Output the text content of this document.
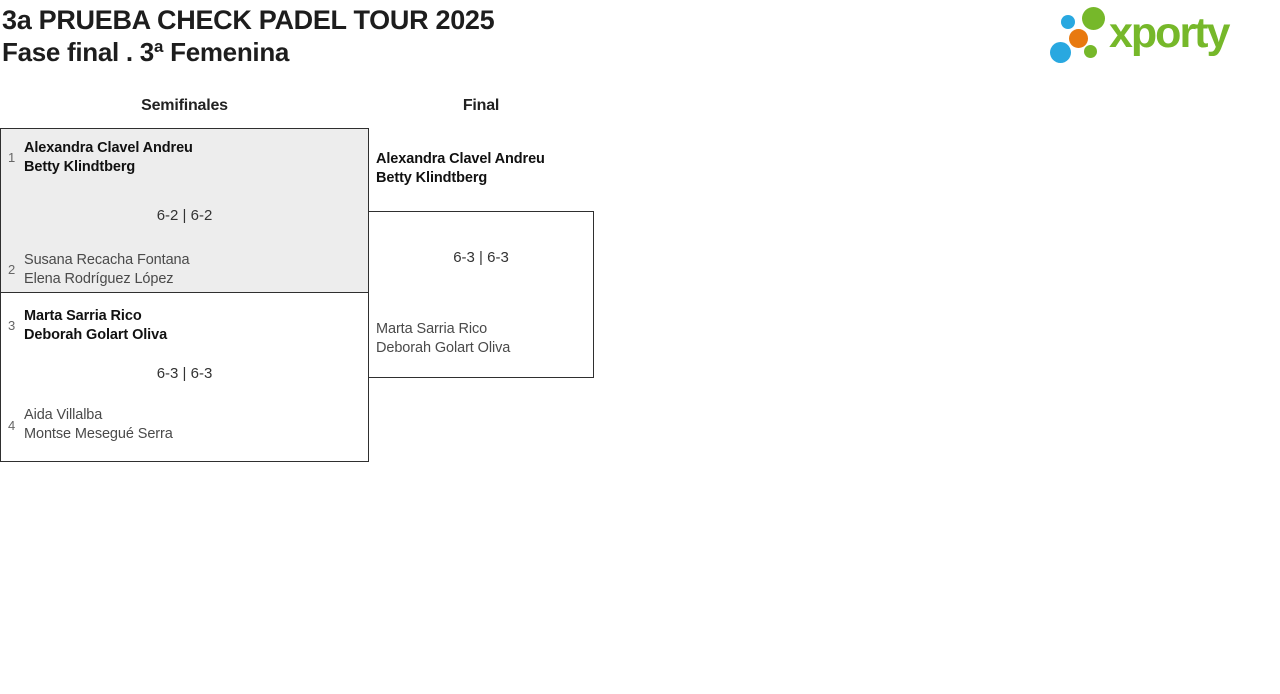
3a PRUEBA CHECK PADEL TOUR 2025
Fase final . 3ª Femenina	xporty
Semifinales	Final
1
Alexandra Clavel Andreu
Betty Klindtberg
6-2 | 6-2
Susana Recacha Fontana
Elena Rodríguez López
2
3
Marta Sarria Rico
Deborah Golart Oliva
6-3 | 6-3
Aida Villalba
Montse Mesegué Serra
4
Alexandra Clavel Andreu
Betty Klindtberg
6-3 | 6-3
Marta Sarria Rico
Deborah Golart Oliva
